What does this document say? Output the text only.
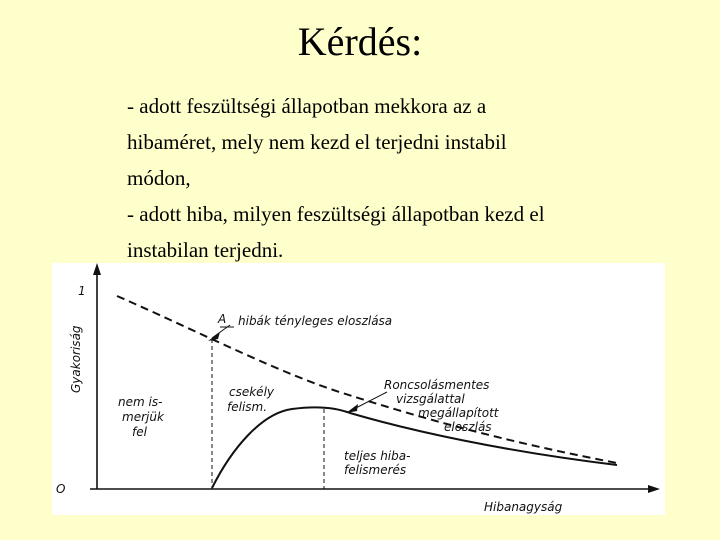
Kérdés:
- adott feszültségi állapotban mekkora az a
hibaméret, mely nem kezd el terjedni instabil
módon,
- adott hiba, milyen feszültségi állapotban kezd el
instabilan terjedni.
Gyakoriság
Hibanagyság
1
O
A hibák tényleges eloszlása
nem is- merjük fel
csekély felism.
Roncsolásmentes vizsgálattal megállapított eloszlás
teljes hiba- felismerés
